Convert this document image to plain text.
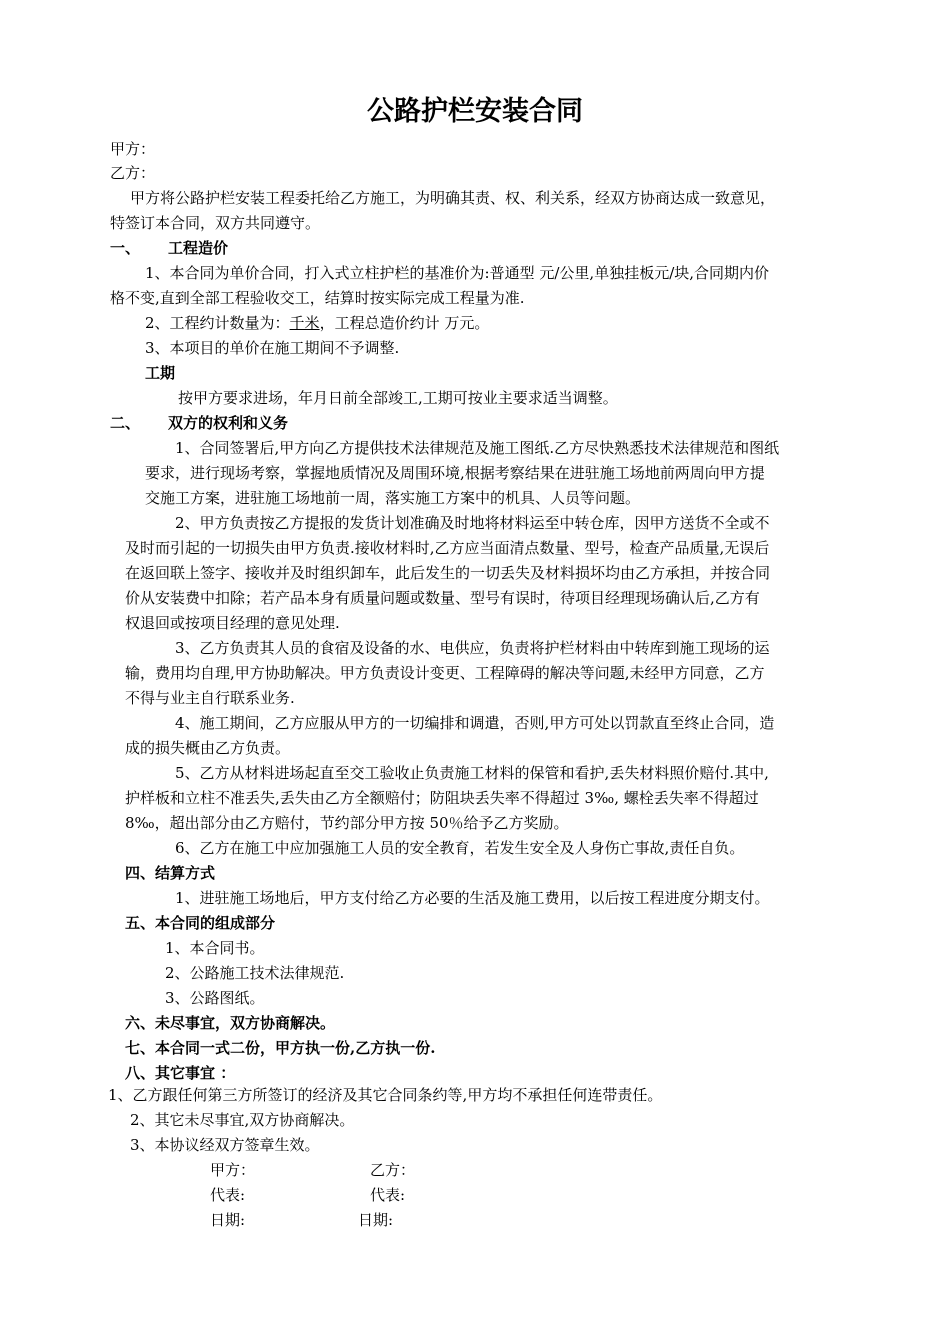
公路护栏安装合同
甲方：
乙方：
甲方将公路护栏安装工程委托给乙方施工，为明确其责、权、利关系，经双方协商达成一致意见，
特签订本合同，双方共同遵守。
一、 工程造价
1、本合同为单价合同，打入式立柱护栏的基准价为:普通型 元/公里,单独挂板元/块,合同期内价
格不变,直到全部工程验收交工，结算时按实际完成工程量为准.
2、工程约计数量为：千米，工程总造价约计 万元。
3、本项目的单价在施工期间不予调整.
工期
按甲方要求进场，年月日前全部竣工,工期可按业主要求适当调整。
二、 双方的权利和义务
1、合同签署后,甲方向乙方提供技术法律规范及施工图纸.乙方尽快熟悉技术法律规范和图纸
要求，进行现场考察，掌握地质情况及周围环境,根据考察结果在进驻施工场地前两周向甲方提
交施工方案，进驻施工场地前一周，落实施工方案中的机具、人员等问题。
2、甲方负责按乙方提报的发货计划准确及时地将材料运至中转仓库，因甲方送货不全或不
及时而引起的一切损失由甲方负责.接收材料时,乙方应当面清点数量、型号，检查产品质量,无误后
在返回联上签字、接收并及时组织卸车，此后发生的一切丢失及材料损坏均由乙方承担，并按合同
价从安装费中扣除；若产品本身有质量问题或数量、型号有误时，待项目经理现场确认后,乙方有
权退回或按项目经理的意见处理.
3、乙方负责其人员的食宿及设备的水、电供应，负责将护栏材料由中转库到施工现场的运
输，费用均自理,甲方协助解决。甲方负责设计变更、工程障碍的解决等问题,未经甲方同意，乙方
不得与业主自行联系业务.
4、施工期间，乙方应服从甲方的一切编排和调遣，否则,甲方可处以罚款直至终止合同，造
成的损失概由乙方负责。
5、乙方从材料进场起直至交工验收止负责施工材料的保管和看护,丢失材料照价赔付.其中,
护样板和立柱不准丢失,丢失由乙方全额赔付；防阻块丢失率不得超过 3‰, 螺栓丢失率不得超过
8‰，超出部分由乙方赔付，节约部分甲方按 50％给予乙方奖励。
6、乙方在施工中应加强施工人员的安全教育，若发生安全及人身伤亡事故,责任自负。
四、结算方式
1、进驻施工场地后，甲方支付给乙方必要的生活及施工费用，以后按工程进度分期支付。
五、本合同的组成部分
1、本合同书。
2、公路施工技术法律规范.
3、公路图纸。
六、未尽事宜，双方协商解决。
七、本合同一式二份，甲方执一份,乙方执一份.
八、其它事宜 ：
1、乙方跟任何第三方所签订的经济及其它合同条约等,甲方均不承担任何连带责任。
2、其它未尽事宜,双方协商解决。
3、本协议经双方签章生效。
甲方：	乙方：
代表:	代表:
日期:	日期:
